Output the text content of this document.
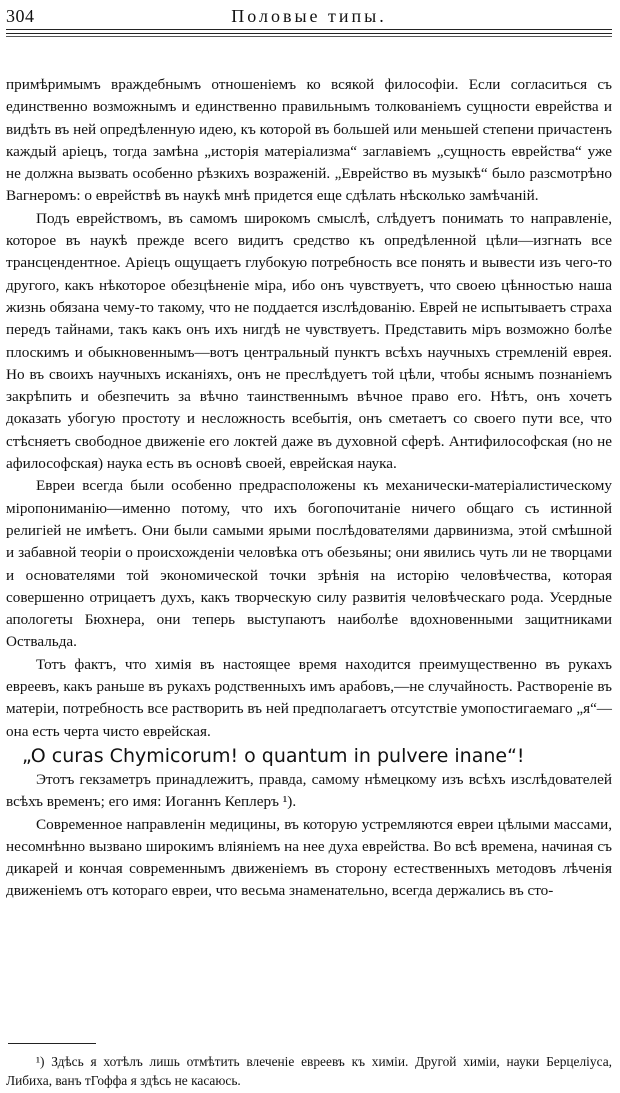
304	Половые типы.

примѣримымъ враждебнымъ отношеніемъ ко всякой философіи. Если согласиться съ единственно возможнымъ и единственно правильнымъ толкованіемъ сущности еврейства и видѣть въ ней опредѣленную идею, къ которой въ большей или меньшей степени причастенъ каждый аріецъ, тогда замѣна „исторія матеріализма“ заглавіемъ „сущность еврейства“ уже не должна вызвать особенно рѣзкихъ возраженій. „Еврейство въ музыкѣ“ было разсмотрѣно Вагнеромъ: о еврействѣ въ наукѣ мнѣ придется еще сдѣлать нѣсколько замѣчаній.

Подъ еврействомъ, въ самомъ широкомъ смыслѣ, слѣдуетъ понимать то направленіе, которое въ наукѣ прежде всего видитъ средство къ опредѣленной цѣли—изгнать все трансцендентное. Аріецъ ощущаетъ глубокую потребность все понять и вывести изъ чего-то другого, какъ нѣкоторое обезцѣненіе міра, ибо онъ чувствуетъ, что своею цѣнностью наша жизнь обязана чему-то такому, что не поддается изслѣдованію. Еврей не испытываетъ страха передъ тайнами, такъ какъ онъ ихъ нигдѣ не чувствуетъ. Представить міръ возможно болѣе плоскимъ и обыкновеннымъ—вотъ центральный пунктъ всѣхъ научныхъ стремленій еврея. Но въ своихъ научныхъ исканіяхъ, онъ не преслѣдуетъ той цѣли, чтобы яснымъ познаніемъ закрѣпить и обезпечить за вѣчно таинственнымъ вѣчное право его. Нѣтъ, онъ хочетъ доказать убогую простоту и несложность всебытія, онъ сметаетъ со своего пути все, что стѣсняетъ свободное движеніе его локтей даже въ духовной сферѣ. Антифилософская (но не афилософская) наука есть въ основѣ своей, еврейская наука.

Евреи всегда были особенно предрасположены къ механически-матеріалистическому міропониманію—именно потому, что ихъ богопочитаніе ничего общаго съ истинной религіей не имѣетъ. Они были самыми ярыми послѣдователями дарвинизма, этой смѣшной и забавной теоріи о происхожденіи человѣка отъ обезьяны; они явились чуть ли не творцами и основателями той экономической точки зрѣнія на исторію человѣчества, которая совершенно отрицаетъ духъ, какъ творческую силу развитія человѣческаго рода. Усердные апологеты Бюхнера, они теперь выступаютъ наиболѣе вдохновенными защитниками Оствальда.

Тотъ фактъ, что химія въ настоящее время находится преимущественно въ рукахъ евреевъ, какъ раньше въ рукахъ родственныхъ имъ арабовъ,—не случайность. Раствореніе въ матеріи, потребность все растворить въ ней предполагаетъ отсутствіе умопостигаемаго „я“—она есть черта чисто еврейская.

„O curas Chymicorum! o quantum in pulvere inane“!

Этотъ гекзаметръ принадлежитъ, правда, самому нѣмецкому изъ всѣхъ изслѣдователей всѣхъ временъ; его имя: Иоганнъ Кеплеръ ¹).

Современное направленін медицины, въ которую устремляются евреи цѣлыми массами, несомнѣнно вызвано широкимъ вліяніемъ на нее духа еврейства. Во всѣ времена, начиная съ дикарей и кончая современнымъ движеніемъ въ сторону естественныхъ методовъ лѣченія движеніемъ отъ котораго евреи, что весьма знаменательно, всегда держались въ сто-

¹) Здѣсь я хотѣлъ лишь отмѣтить влеченіе евреевъ къ химіи. Другой химіи, науки Берцеліуса, Либиха, ванъ тГоффа я здѣсь не касаюсь.
